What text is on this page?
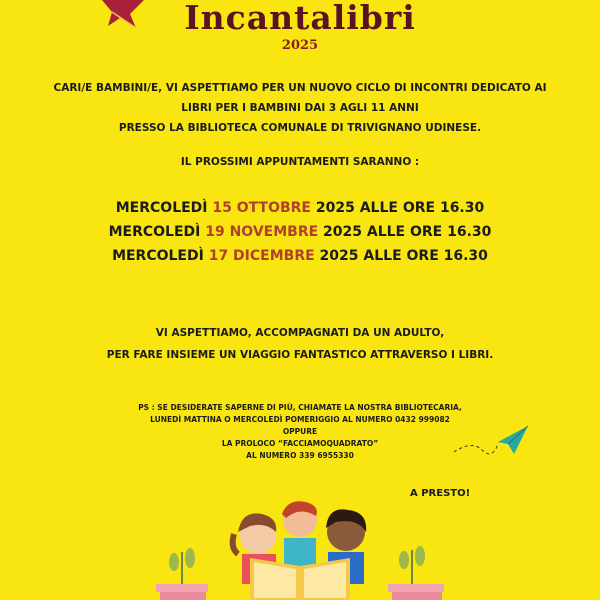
Incantalibri
2025
CARI/E BAMBINI/E, VI ASPETTIAMO PER UN NUOVO CICLO DI INCONTRI DEDICATO AI
LIBRI PER I BAMBINI DAI 3 AGLI 11 ANNI
PRESSO LA BIBLIOTECA COMUNALE DI TRIVIGNANO UDINESE.
IL PROSSIMI APPUNTAMENTI SARANNO :
MERCOLEDÌ 15 OTTOBRE 2025 ALLE ORE 16.30
MERCOLEDÌ 19 NOVEMBRE 2025 ALLE ORE 16.30
MERCOLEDÌ 17 DICEMBRE 2025 ALLE ORE 16.30
VI ASPETTIAMO, ACCOMPAGNATI DA UN ADULTO,
PER FARE INSIEME UN VIAGGIO FANTASTICO ATTRAVERSO I LIBRI.
PS : SE DESIDERATE SAPERNE DI PIÙ, CHIAMATE LA NOSTRA BIBLIOTECARIA,
LUNEDÌ MATTINA O MERCOLEDÌ POMERIGGIO AL NUMERO 0432 999082
OPPURE
LA PROLOCO “FACCIAMOQUADRATO”
AL NUMERO 339 6955330
A PRESTO!
